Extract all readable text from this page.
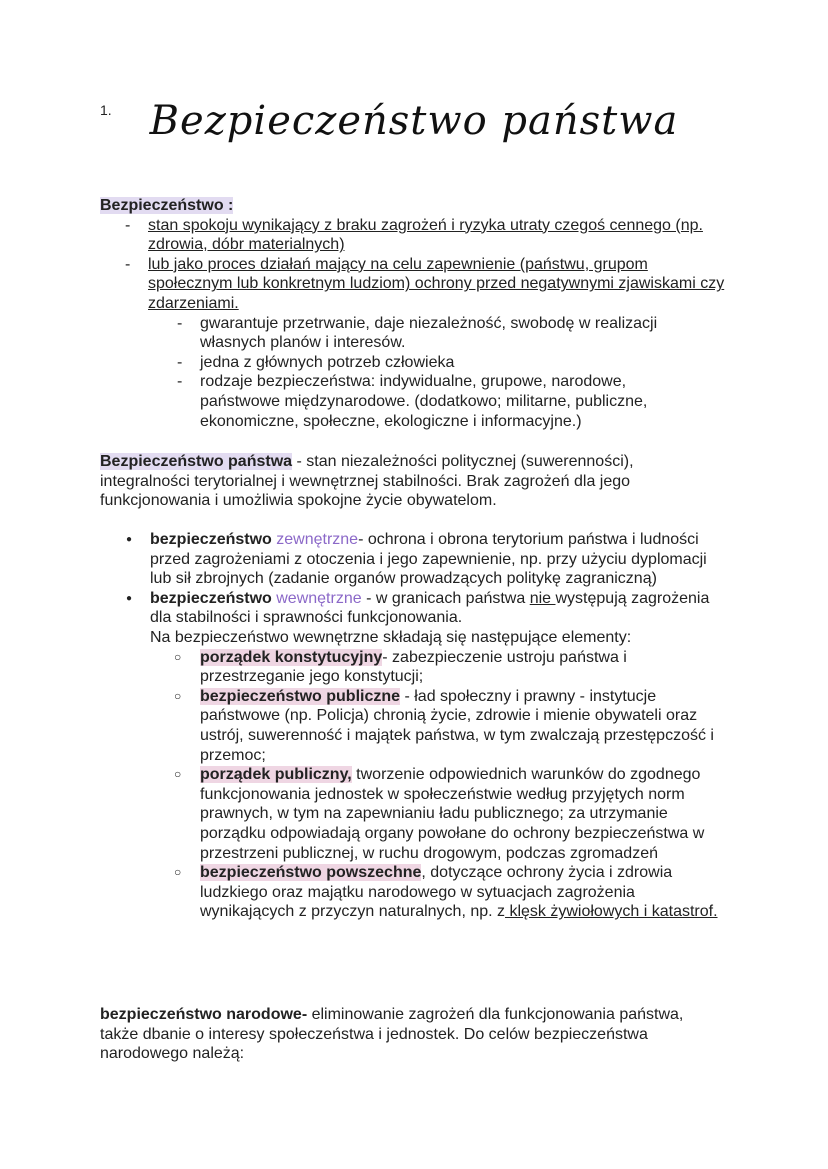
1. Bezpieczeństwo państwa
Bezpieczeństwo :
- stan spokoju wynikający z braku zagrożeń i ryzyka utraty czegoś cennego (np. zdrowia, dóbr materialnych)
- lub jako proces działań mający na celu zapewnienie (państwu, grupom społecznym lub konkretnym ludziom) ochrony przed negatywnymi zjawiskami czy zdarzeniami.
- gwarantuje przetrwanie, daje niezależność, swobodę w realizacji własnych planów i interesów.
- jedna z głównych potrzeb człowieka
- rodzaje bezpieczeństwa: indywidualne, grupowe, narodowe, państwowe międzynarodowe. (dodatkowo; militarne, publiczne, ekonomiczne, społeczne, ekologiczne i informacyjne.)
Bezpieczeństwo państwa - stan niezależności politycznej (suwerenności), integralności terytorialnej i wewnętrznej stabilności. Brak zagrożeń dla jego funkcjonowania i umożliwia spokojne życie obywatelom.
● bezpieczeństwo zewnętrzne- ochrona i obrona terytorium państwa i ludności przed zagrożeniami z otoczenia i jego zapewnienie, np. przy użyciu dyplomacji lub sił zbrojnych (zadanie organów prowadzących politykę zagraniczną)
● bezpieczeństwo wewnętrzne - w granicach państwa nie występują zagrożenia dla stabilności i sprawności funkcjonowania.
Na bezpieczeństwo wewnętrzne składają się następujące elementy:
○ porządek konstytucyjny- zabezpieczenie ustroju państwa i przestrzeganie jego konstytucji;
○ bezpieczeństwo publiczne - ład społeczny i prawny - instytucje państwowe (np. Policja) chronią życie, zdrowie i mienie obywateli oraz ustrój, suwerenność i majątek państwa, w tym zwalczają przestępczość i przemoc;
○ porządek publiczny, tworzenie odpowiednich warunków do zgodnego funkcjonowania jednostek w społeczeństwie według przyjętych norm prawnych, w tym na zapewnianiu ładu publicznego; za utrzymanie porządku odpowiadają organy powołane do ochrony bezpieczeństwa w przestrzeni publicznej, w ruchu drogowym, podczas zgromadzeń
○ bezpieczeństwo powszechne, dotyczące ochrony życia i zdrowia ludzkiego oraz majątku narodowego w sytuacjach zagrożenia wynikających z przyczyn naturalnych, np. z klęsk żywiołowych i katastrof.
bezpieczeństwo narodowe- eliminowanie zagrożeń dla funkcjonowania państwa, także dbanie o interesy społeczeństwa i jednostek. Do celów bezpieczeństwa narodowego należą:
